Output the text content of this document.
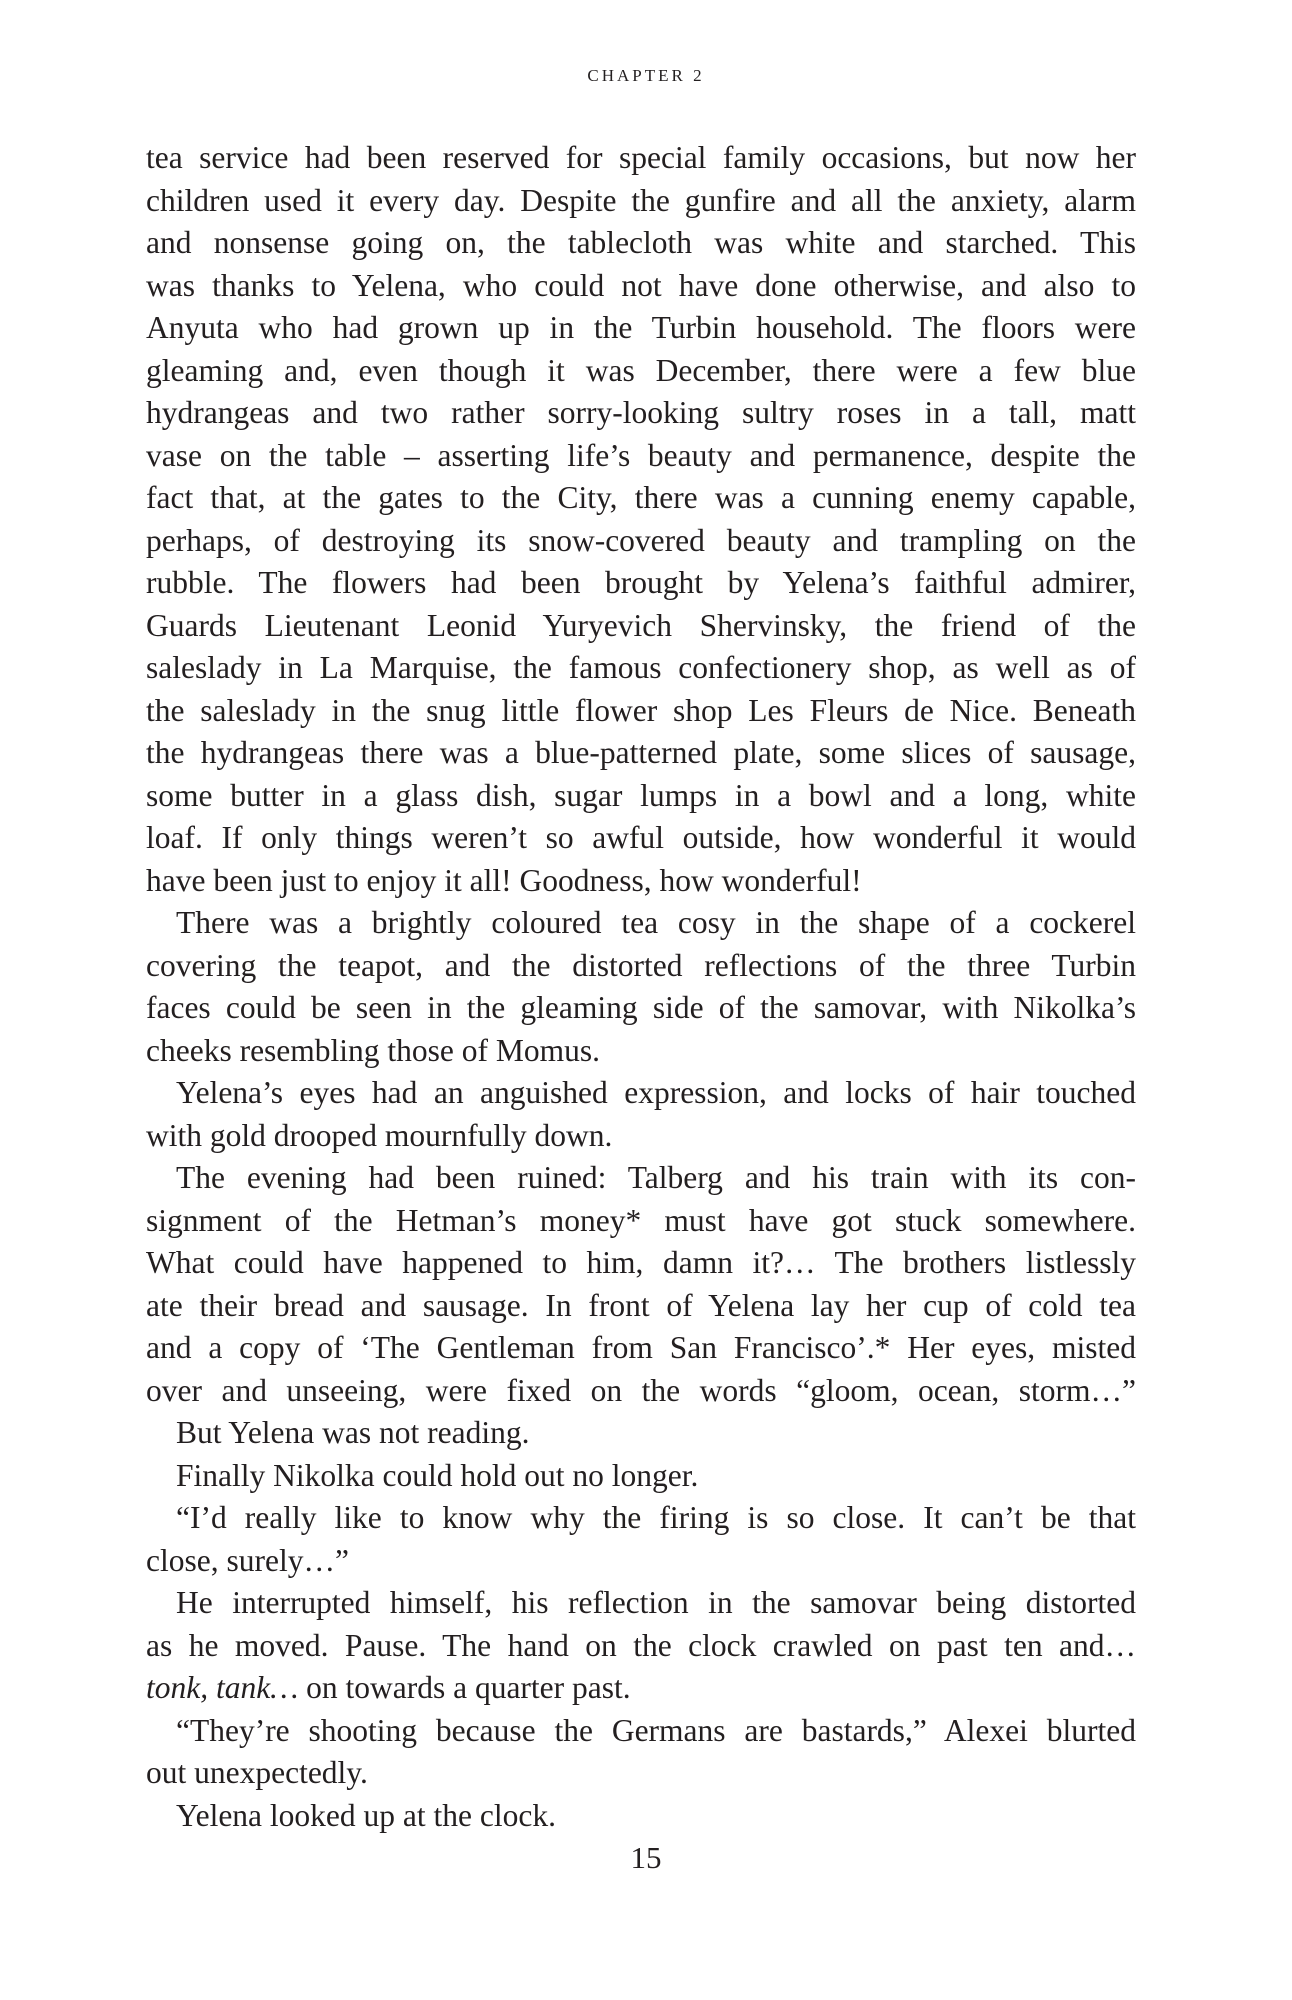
CHAPTER 2
tea service had been reserved for special family occasions, but now her
children used it every day. Despite the gunfire and all the anxiety, alarm
and nonsense going on, the tablecloth was white and starched. This
was thanks to Yelena, who could not have done otherwise, and also to
Anyuta who had grown up in the Turbin household. The floors were
gleaming and, even though it was December, there were a few blue
hydrangeas and two rather sorry-looking sultry roses in a tall, matt
vase on the table – asserting life’s beauty and permanence, despite the
fact that, at the gates to the City, there was a cunning enemy capable,
perhaps, of destroying its snow-covered beauty and trampling on the
rubble. The flowers had been brought by Yelena’s faithful admirer,
Guards Lieutenant Leonid Yuryevich Shervinsky, the friend of the
saleslady in La Marquise, the famous confectionery shop, as well as of
the saleslady in the snug little flower shop Les Fleurs de Nice. Beneath
the hydrangeas there was a blue-patterned plate, some slices of sausage,
some butter in a glass dish, sugar lumps in a bowl and a long, white
loaf. If only things weren’t so awful outside, how wonderful it would
have been just to enjoy it all! Goodness, how wonderful!
There was a brightly coloured tea cosy in the shape of a cockerel
covering the teapot, and the distorted reflections of the three Turbin
faces could be seen in the gleaming side of the samovar, with Nikolka’s
cheeks resembling those of Momus.
Yelena’s eyes had an anguished expression, and locks of hair touched
with gold drooped mournfully down.
The evening had been ruined: Talberg and his train with its con-
signment of the Hetman’s money* must have got stuck somewhere.
What could have happened to him, damn it?… The brothers listlessly
ate their bread and sausage. In front of Yelena lay her cup of cold tea
and a copy of ‘The Gentleman from San Francisco’.* Her eyes, misted
over and unseeing, were fixed on the words “gloom, ocean, storm…”
But Yelena was not reading.
Finally Nikolka could hold out no longer.
“I’d really like to know why the firing is so close. It can’t be that
close, surely…”
He interrupted himself, his reflection in the samovar being distorted
as he moved. Pause. The hand on the clock crawled on past ten and…
tonk, tank… on towards a quarter past.
“They’re shooting because the Germans are bastards,” Alexei blurted
out unexpectedly.
Yelena looked up at the clock.
15
